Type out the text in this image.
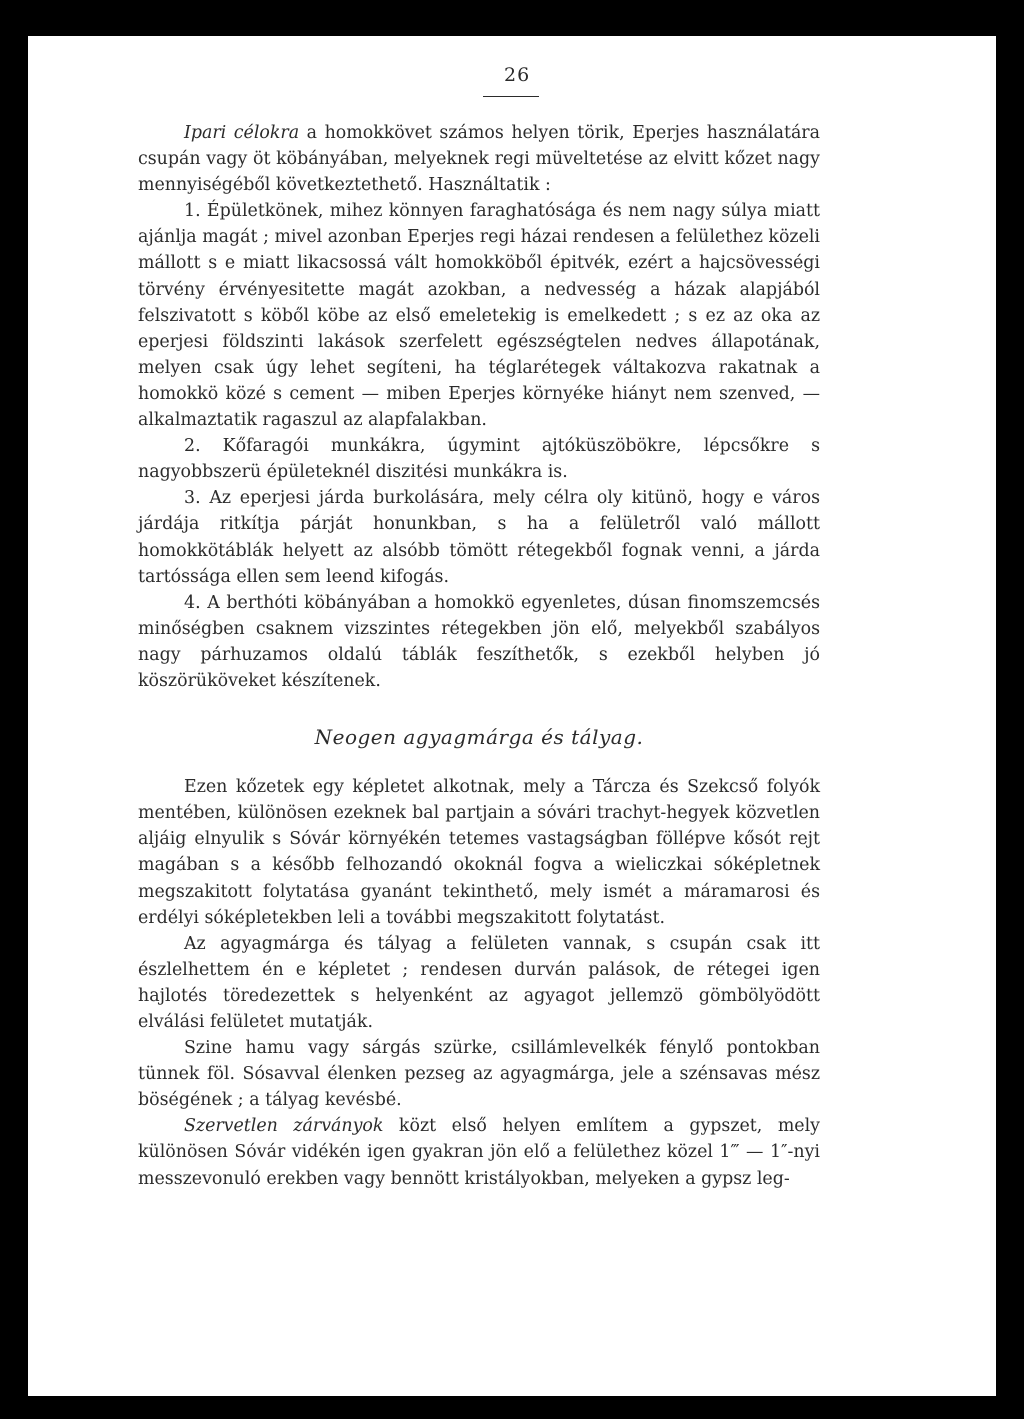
26

Ipari célokra a homokkövet számos helyen törik, Eperjes használatára csupán vagy öt köbányában, melyeknek regi müveltetése az elvitt kőzet nagy mennyiségéből következtethető. Használtatik :

1. Épületkönek, mihez könnyen faraghatósága és nem nagy súlya miatt ajánlja magát ; mivel azonban Eperjes regi házai rendesen a felülethez közeli mállott s e miatt likacsossá vált homokköből épitvék, ezért a hajcsövességi törvény érvényesitette magát azokban, a nedvesség a házak alapjából felszivatott s köből köbe az első emeletekig is emelkedett ; s ez az oka az eperjesi földszinti lakások szerfelett egészségtelen nedves állapotának, melyen csak úgy lehet segíteni, ha téglarétegek váltakozva rakatnak a homokkö közé s cement — miben Eperjes környéke hiányt nem szenved, — alkalmaztatik ragaszul az alapfalakban.

2. Kőfaragói munkákra, úgymint ajtóküszöbökre, lépcsőkre s nagyobbszerü épületeknél diszitési munkákra is.

3. Az eperjesi járda burkolására, mely célra oly kitünö, hogy e város járdája ritkítja párját honunkban, s ha a felületről való mállott homokkötáblák helyett az alsóbb tömött rétegekből fognak venni, a járda tartóssága ellen sem leend kifogás.

4. A berthóti köbányában a homokkö egyenletes, dúsan finomszemcsés minőségben csaknem vizszintes rétegekben jön elő, melyekből szabályos nagy párhuzamos oldalú táblák feszíthetők, s ezekből helyben jó köszörüköveket készítenek.

Neogen agyagmárga és tályag.

Ezen kőzetek egy képletet alkotnak, mely a Tárcza és Szekcső folyók mentében, különösen ezeknek bal partjain a sóvári trachyt-hegyek közvetlen aljáig elnyulik s Sóvár környékén tetemes vastagságban föllépve kősót rejt magában s a később felhozandó okoknál fogva a wieliczkai sóképletnek megszakitott folytatása gyanánt tekinthető, mely ismét a máramarosi és erdélyi sóképletekben leli a további megszakitott folytatást.

Az agyagmárga és tályag a felületen vannak, s csupán csak itt észlelhettem én e képletet ; rendesen durván palások, de rétegei igen hajlotés töredezettek s helyenként az agyagot jellemzö gömbölyödött elválási felületet mutatják.

Szine hamu vagy sárgás szürke, csillámlevelkék fénylő pontokban tünnek föl. Sósavval élenken pezseg az agyagmárga, jele a szénsavas mész böségének ; a tályag kevésbé.

Szervetlen zárványok közt első helyen említem a gypszet, mely különösen Sóvár vidékén igen gyakran jön elő a felülethez közel 1‴ — 1″-nyi messzevonuló erekben vagy bennött kristályokban, melyeken a gypsz leg-
